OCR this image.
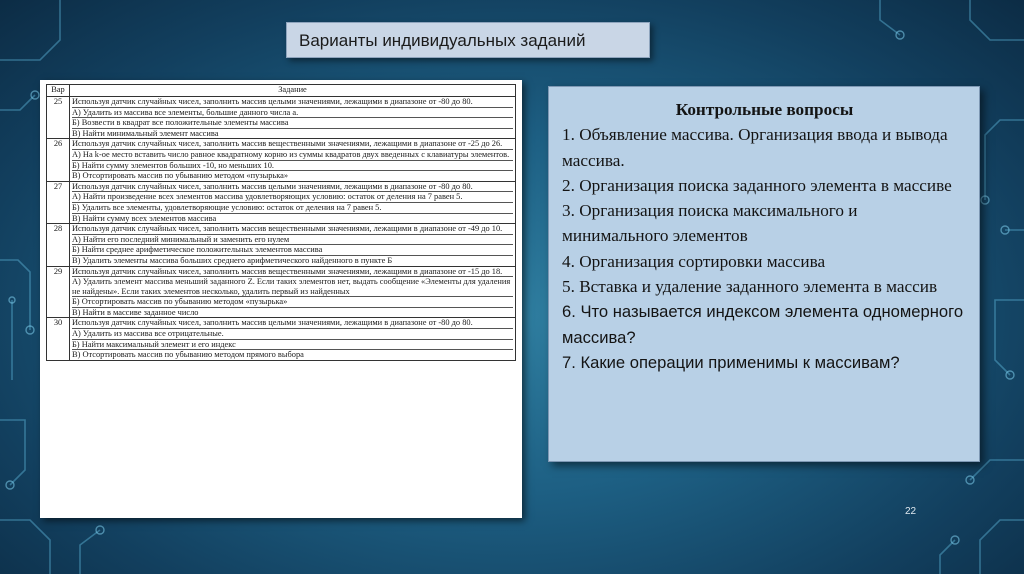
Варианты индивидуальных заданий
Вар	Задание
25	Используя датчик случайных чисел, заполнить массив целыми значениями, лежащими в диапазоне от -80 до 80.
А) Удалить из массива все элементы, большие данного числа а.
Б) Возвести в квадрат все положительные элементы массива
В) Найти минимальный элемент массива

26	Используя датчик случайных чисел, заполнить массив вещественными значениями, лежащими в диапазоне от -25 до 26.
А) На k-ое место вставить число равное квадратному корню из суммы квадратов двух введенных с клавиатуры элементов.
Б) Найти сумму элементов больших -10, но меньших 10.
В) Отсортировать массив по убыванию методом «пузырька»

27	Используя датчик случайных чисел, заполнить массив целыми значениями, лежащими в диапазоне от -80 до 80.
А) Найти произведение всех элементов массива удовлетворяющих условию: остаток от деления на 7 равен 5.
Б) Удалить все элементы, удовлетворяющие условию: остаток от деления на 7 равен 5.
В) Найти сумму всех элементов массива

28	Используя датчик случайных чисел, заполнить массив вещественными значениями, лежащими в диапазоне от -49 до 10.
А) Найти его последний минимальный и заменить его нулем
Б) Найти среднее арифметическое положительных элементов массива
В) Удалить элементы массива больших среднего арифметического найденного в пункте Б

29	Используя датчик случайных чисел, заполнить массив вещественными значениями, лежащими в диапазоне от -15 до 18.
А) Удалить элемент массива меньший заданного Z. Если таких элементов нет, выдать сообщение «Элементы для удаления не найдены». Если таких элементов несколько, удалить первый из найденных
Б) Отсортировать массив по убыванию методом «пузырька»
В) Найти в массиве заданное число

30	Используя датчик случайных чисел, заполнить массив целыми значениями, лежащими в диапазоне от -80 до 80.
А) Удалить из массива все отрицательные.
Б) Найти максимальный элемент и его индекс
В) Отсортировать массив по убыванию методом прямого выбора
Контрольные вопросы
1. Объявление массива. Организация ввода и вывода массива.
2. Организация поиска заданного элемента в массиве
3. Организация поиска максимального и минимального элементов
4. Организация сортировки массива
5. Вставка и удаление заданного элемента в массив
6. Что называется индексом элемента одномерного массива?
7. Какие операции применимы к массивам?
22
